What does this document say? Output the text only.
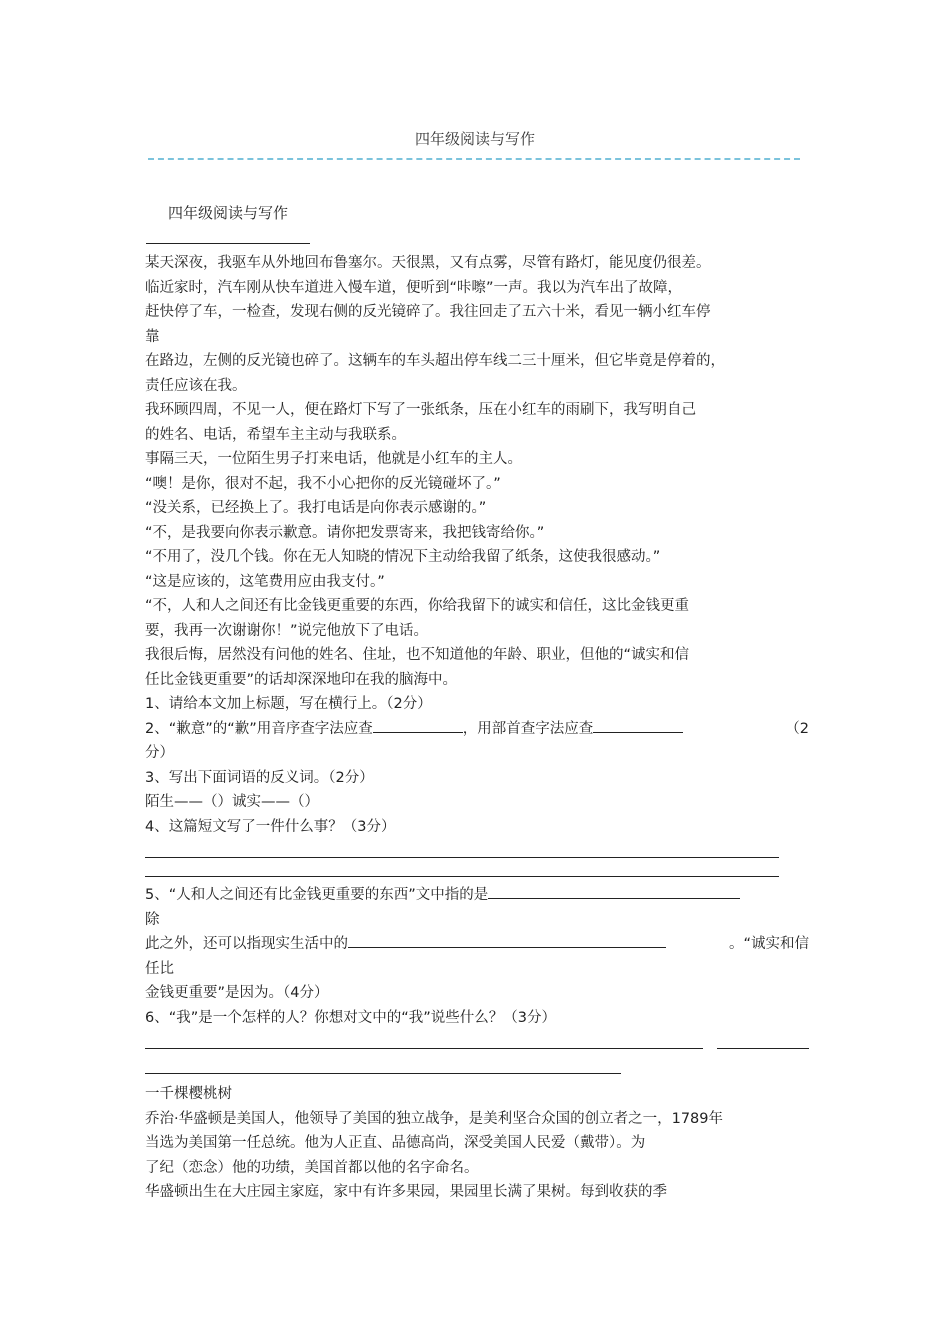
四年级阅读与写作
四年级阅读与写作

某天深夜，我驱车从外地回布鲁塞尔。天很黑，又有点雾，尽管有路灯，能见度仍很差。

临近家时，汽车刚从快车道进入慢车道，便听到“咔嚓”一声。我以为汽车出了故障，

赶快停了车，一检查，发现右侧的反光镜碎了。我往回走了五六十米，看见一辆小红车停

靠

在路边，左侧的反光镜也碎了。这辆车的车头超出停车线二三十厘米，但它毕竟是停着的，

责任应该在我。

我环顾四周，不见一人，便在路灯下写了一张纸条，压在小红车的雨刷下，我写明自己

的姓名、电话，希望车主主动与我联系。

事隔三天，一位陌生男子打来电话，他就是小红车的主人。

“噢！是你，很对不起，我不小心把你的反光镜碰坏了。”

“没关系，已经换上了。我打电话是向你表示感谢的。”

“不，是我要向你表示歉意。请你把发票寄来，我把钱寄给你。”

“不用了，没几个钱。你在无人知晓的情况下主动给我留了纸条，这使我很感动。”

“这是应该的，这笔费用应由我支付。”

“不，人和人之间还有比金钱更重要的东西，你给我留下的诚实和信任，这比金钱更重

要，我再一次谢谢你！”说完他放下了电话。

我很后悔，居然没有问他的姓名、住址，也不知道他的年龄、职业，但他的“诚实和信

任比金钱更重要”的话却深深地印在我的脑海中。

1、请给本文加上标题，写在横行上。（2分）

2、“歉意”的“歉”用音序查字法应查	，用部首查字法应查	（2

分）

3、写出下面词语的反义词。（2分）

陌生——（）诚实——（）

4、这篇短文写了一件什么事？（3分）

5、“人和人之间还有比金钱更重要的东西”文中指的是

除

此之外，还可以指现实生活中的	。“诚实和信

任比

金钱更重要”是因为。（4分）

6、“我”是一个怎样的人？你想对文中的“我”说些什么？（3分）

一千棵樱桃树

乔治·华盛顿是美国人，他领导了美国的独立战争，是美利坚合众国的创立者之一，1789年

当选为美国第一任总统。他为人正直、品德高尚，深受美国人民爱（戴带）。为

了纪（恋念）他的功绩，美国首都以他的名字命名。

华盛顿出生在大庄园主家庭，家中有许多果园，果园里长满了果树。每到收获的季
